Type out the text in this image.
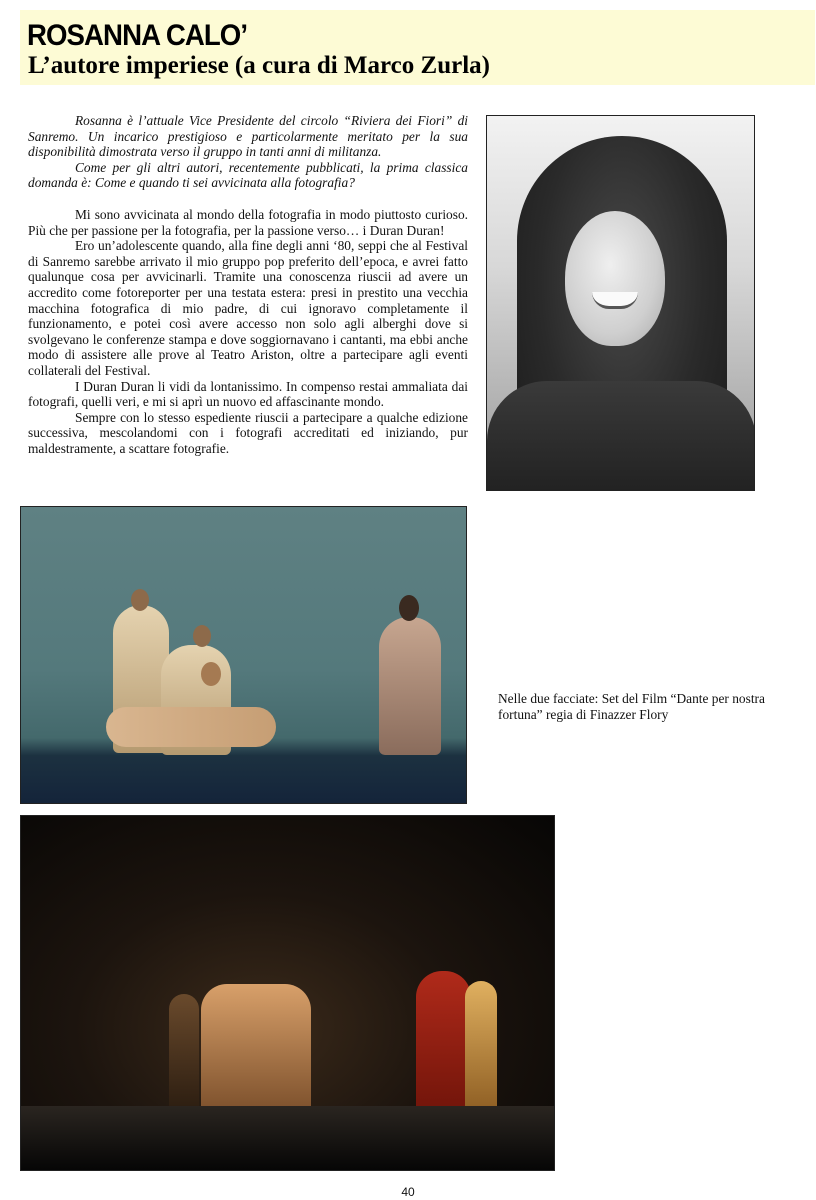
ROSANNA CALO’
L’autore imperiese (a cura di Marco Zurla)

Rosanna è l’attuale Vice Presidente del circolo “Riviera dei Fiori” di Sanremo. Un incarico prestigioso e particolarmente meritato per la sua disponibilità dimostrata verso il gruppo in tanti anni di militanza.

Come per gli altri autori, recentemente pubblicati, la prima classica domanda è: Come e quando ti sei avvicinata alla fotografia?

Mi sono avvicinata al mondo della fotografia in modo piuttosto curioso. Più che per passione per la fotografia, per la passione verso… i Duran Duran!

Ero un’adolescente quando, alla fine degli anni ‘80, seppi che al Festival di Sanremo sarebbe arrivato il mio gruppo pop preferito dell’epoca, e avrei fatto qualunque cosa per avvicinarli. Tramite una conoscenza riuscii ad avere un accredito come fotoreporter per una testata estera: presi in prestito una vecchia macchina fotografica di mio padre, di cui ignoravo completamente il funzionamento, e potei così avere accesso non solo agli alberghi dove si svolgevano le conferenze stampa e dove soggiornavano i cantanti, ma ebbi anche modo di assistere alle prove al Teatro Ariston, oltre a partecipare agli eventi collaterali del Festival.

I Duran Duran li vidi da lontanissimo. In compenso restai ammaliata dai fotografi, quelli veri, e mi si aprì un nuovo ed affascinante mondo.

Sempre con lo stesso espediente riuscii a partecipare a qualche edizione successiva, mescolandomi con i fotografi accreditati ed iniziando, pur maldestramente, a scattare fotografie.

Nelle due facciate: Set del Film “Dante per nostra fortuna” regia di Finazzer Flory
40
